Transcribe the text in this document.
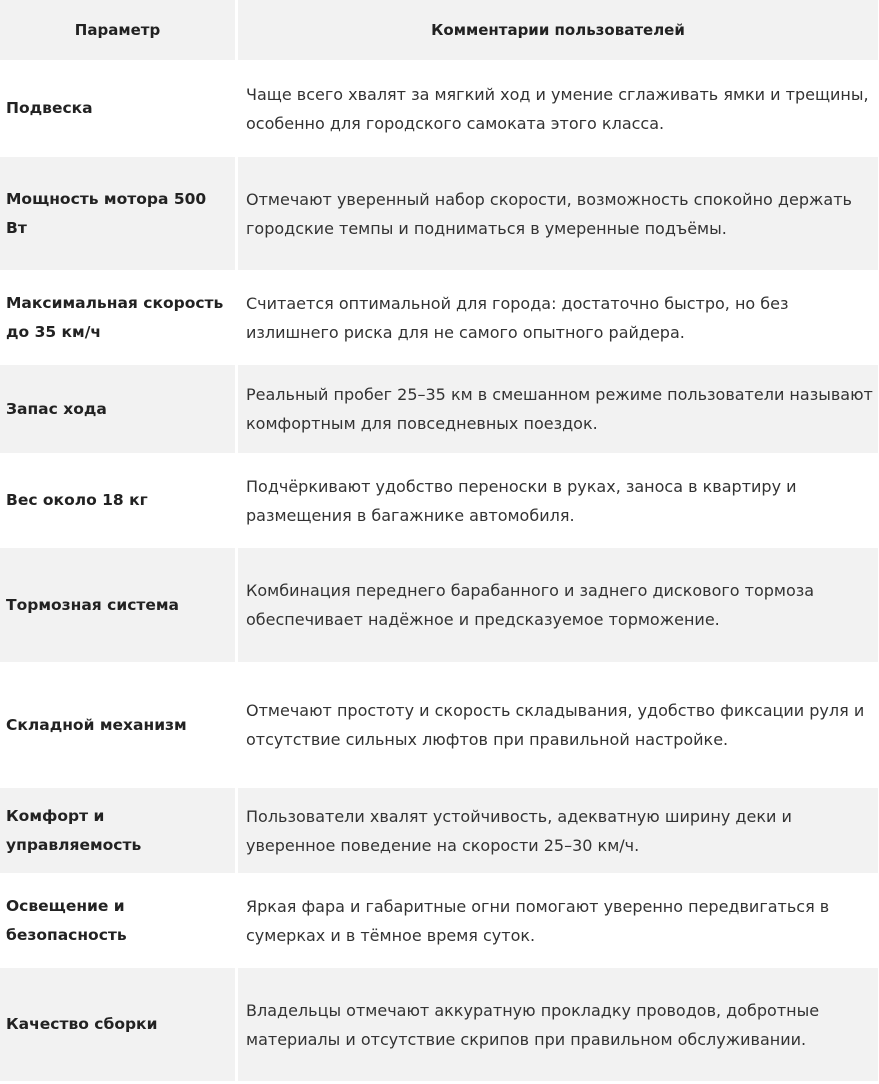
Параметр	Комментарии пользователей
Подвеска	Чаще всего хвалят за мягкий ход и умение сглаживать ямки и трещины, особенно для городского самоката этого класса.
Мощность мотора 500 Вт	Отмечают уверенный набор скорости, возможность спокойно держать городские темпы и подниматься в умеренные подъёмы.
Максимальная скорость до 35 км/ч	Считается оптимальной для города: достаточно быстро, но без излишнего риска для не самого опытного райдера.
Запас хода	Реальный пробег 25–35 км в смешанном режиме пользователи называют комфортным для повседневных поездок.
Вес около 18 кг	Подчёркивают удобство переноски в руках, заноса в квартиру и размещения в багажнике автомобиля.
Тормозная система	Комбинация переднего барабанного и заднего дискового тормоза обеспечивает надёжное и предсказуемое торможение.
Складной механизм	Отмечают простоту и скорость складывания, удобство фиксации руля и отсутствие сильных люфтов при правильной настройке.
Комфорт и управляемость	Пользователи хвалят устойчивость, адекватную ширину деки и уверенное поведение на скорости 25–30 км/ч.
Освещение и безопасность	Яркая фара и габаритные огни помогают уверенно передвигаться в сумерках и в тёмное время суток.
Качество сборки	Владельцы отмечают аккуратную прокладку проводов, добротные материалы и отсутствие скрипов при правильном обслуживании.
